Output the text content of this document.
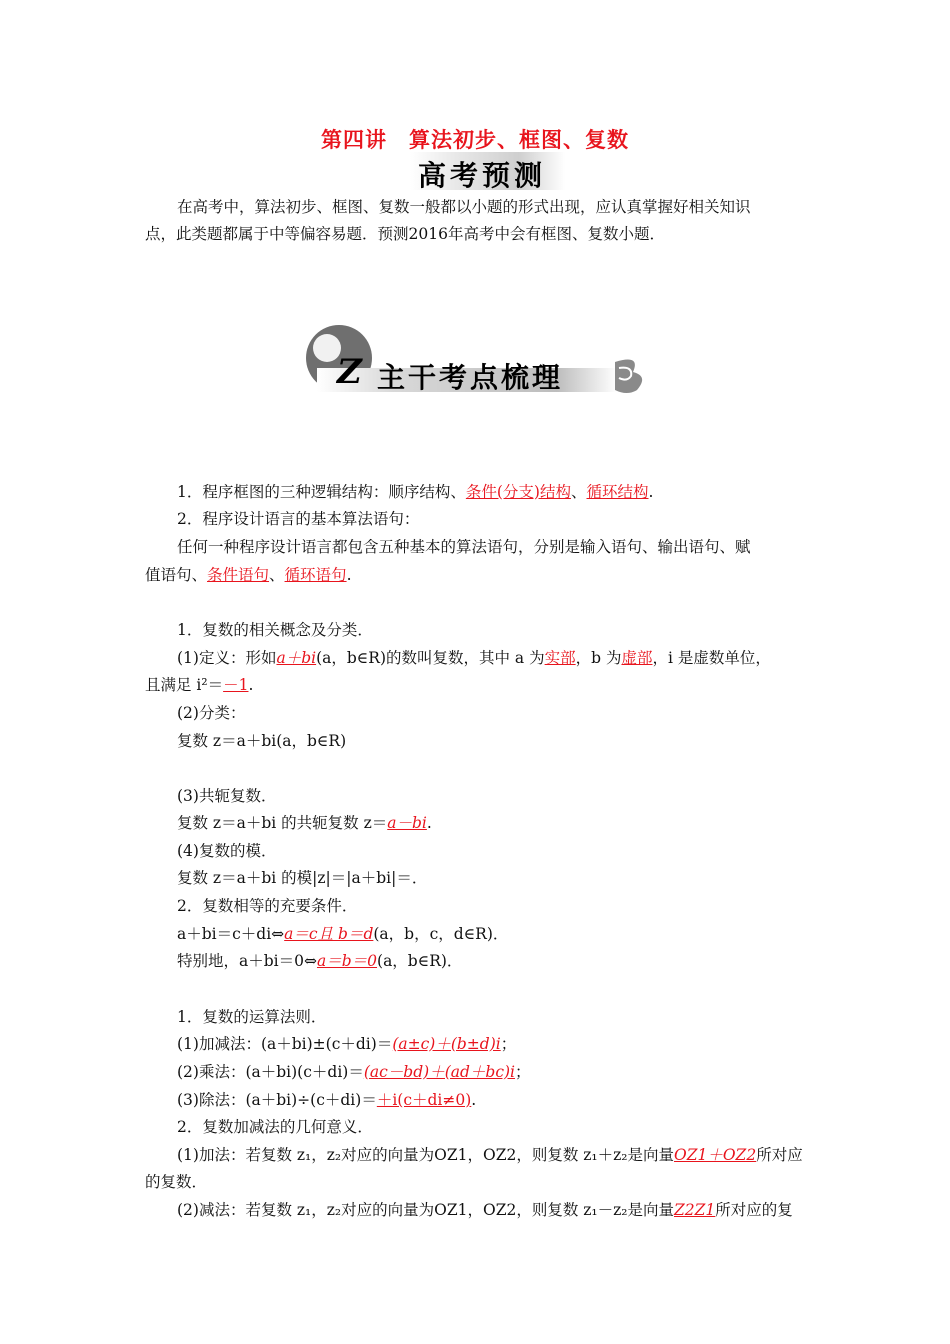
第四讲　算法初步、框图、复数
高考预测
在高考中，算法初步、框图、复数一般都以小题的形式出现，应认真掌握好相关知识
点，此类题都属于中等偏容易题．预测2016年高考中会有框图、复数小题．
Z 主干考点梳理
1．程序框图的三种逻辑结构：顺序结构、条件(分支)结构、循环结构.
2．程序设计语言的基本算法语句：
任何一种程序设计语言都包含五种基本的算法语句，分别是输入语句、输出语句、赋
值语句、条件语句、循环语句.
1．复数的相关概念及分类．
(1)定义：形如a＋bi(a，b∈R)的数叫复数，其中 a 为实部，b 为虚部，i 是虚数单位，
且满足 i²＝－1.
(2)分类：
复数 z＝a＋bi(a，b∈R)
(3)共轭复数．
复数 z＝a＋bi 的共轭复数 z＝a－bi.
(4)复数的模．
复数 z＝a＋bi 的模|z|＝|a＋bi|＝．
2．复数相等的充要条件．
a＋bi＝c＋di⇔a＝c且 b＝d(a，b，c，d∈R)．
特别地，a＋bi＝0⇔a＝b＝0(a，b∈R)．
1．复数的运算法则．
(1)加减法：(a＋bi)±(c＋di)＝(a±c)＋(b±d)i；
(2)乘法：(a＋bi)(c＋di)＝(ac－bd)＋(ad＋bc)i；
(3)除法：(a＋bi)÷(c＋di)＝＋i(c＋di≠0).
2．复数加减法的几何意义．
(1)加法：若复数 z₁，z₂对应的向量为OZ1，OZ2，则复数 z₁＋z₂是向量OZ1＋OZ2所对应
的复数．
(2)减法：若复数 z₁，z₂对应的向量为OZ1，OZ2，则复数 z₁－z₂是向量Z2Z1所对应的复
